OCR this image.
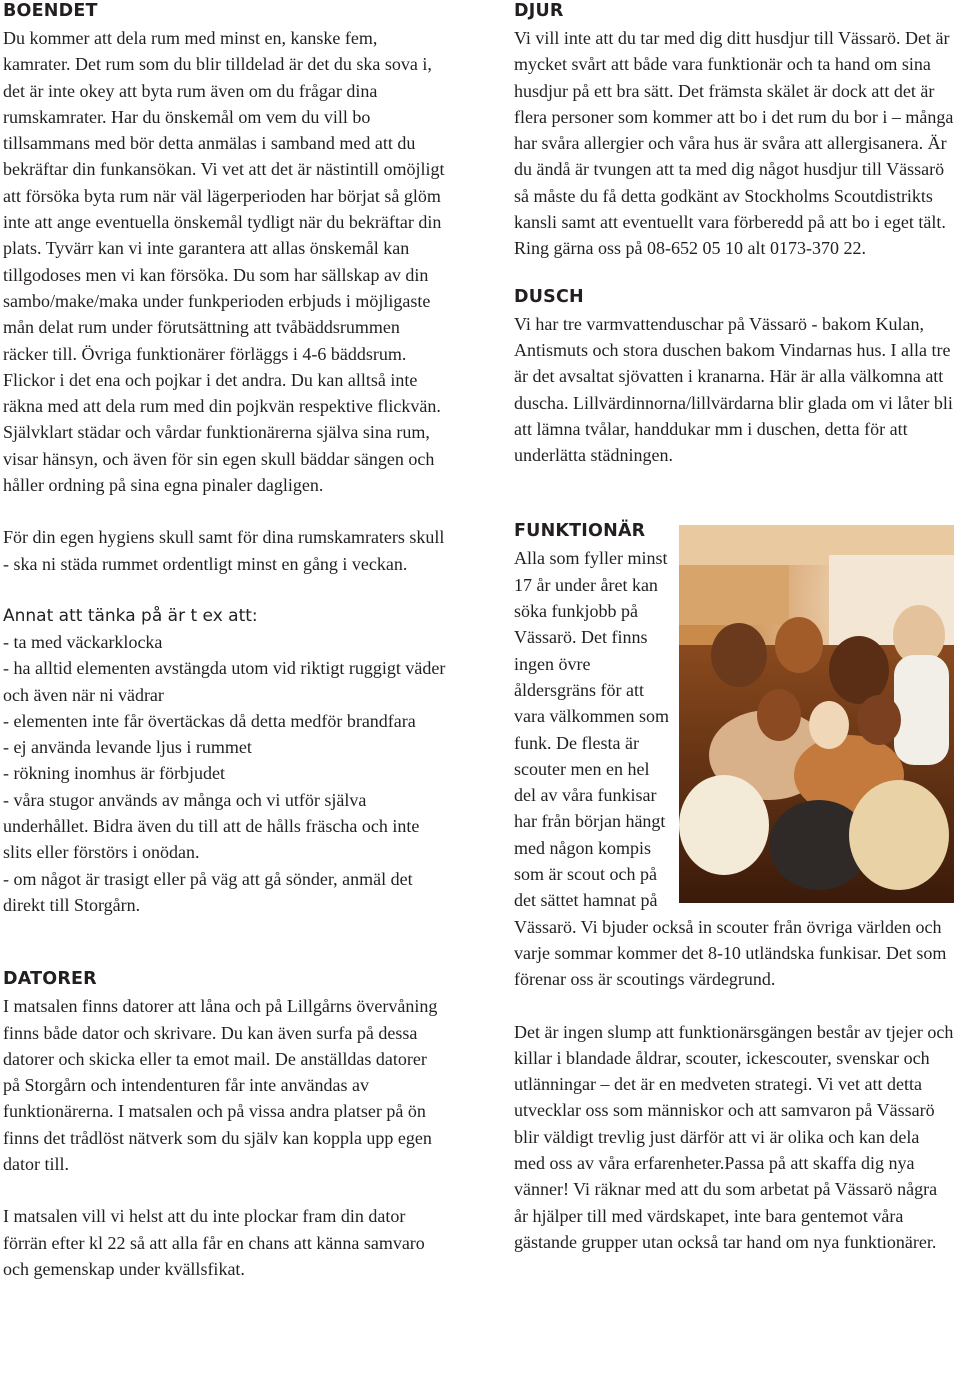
BOENDET

Du kommer att dela rum med minst en, kanske fem, kamrater. Det rum som du blir tilldelad är det du ska sova i, det är inte okey att byta rum även om du frågar dina rumskamrater. Har du önskemål om vem du vill bo tillsammans med bör detta anmälas i samband med att du bekräftar din funkansökan. Vi vet att det är nästintill omöjligt att försöka byta rum när väl lägerperioden har börjat så glöm inte att ange eventuella önskemål tydligt när du bekräftar din plats. Tyvärr kan vi inte garantera att allas önskemål kan tillgodoses men vi kan försöka. Du som har sällskap av din sambo/make/maka under funkperioden erbjuds i möjligaste mån delat rum under förutsättning att tvåbäddsrummen räcker till. Övriga funktionärer förläggs i 4-6 bäddsrum. Flickor i det ena och pojkar i det andra. Du kan alltså inte räkna med att dela rum med din pojkvän respektive flickvän.

Självklart städar och vårdar funktionärerna själva sina rum, visar hänsyn, och även för sin egen skull bäddar sängen och håller ordning på sina egna pinaler dagligen.

För din egen hygiens skull samt för dina rumskamraters skull - ska ni städa rummet ordentligt minst en gång i veckan.

Annat att tänka på är t ex att:
- ta med väckarklocka
- ha alltid elementen avstängda utom vid riktigt ruggigt väder och även när ni vädrar
- elementen inte får övertäckas då detta medför brandfara
- ej använda levande ljus i rummet
- rökning inomhus är förbjudet
- våra stugor används av många och vi utför själva underhållet. Bidra även du till att de hålls fräscha och inte slits eller förstörs i onödan.
- om något är trasigt eller på väg att gå sönder, anmäl det direkt till Storgårn.
DATORER

I matsalen finns datorer att låna och på Lillgårns övervåning finns både dator och skrivare. Du kan även surfa på dessa datorer och skicka eller ta emot mail. De anställdas datorer på Storgårn och intendenturen får inte användas av funktionärerna. I matsalen och på vissa andra platser på ön finns det trådlöst nätverk som du själv kan koppla upp egen dator till.

I matsalen vill vi helst att du inte plockar fram din dator förrän efter kl 22 så att alla får en chans att känna samvaro och gemenskap under kvällsfikat.

DJUR

Vi vill inte att du tar med dig ditt husdjur till Vässarö. Det är mycket svårt att både vara funktionär och ta hand om sina husdjur på ett bra sätt. Det främsta skälet är dock att det är flera personer som kommer att bo i det rum du bor i – många har svåra allergier och våra hus är svåra att allergisanera. Är du ändå är tvungen att ta med dig något husdjur till Vässarö så måste du få detta godkänt av Stockholms Scoutdistrikts kansli samt att eventuellt vara förberedd på att bo i eget tält. Ring gärna oss på 08-652 05 10 alt 0173-370 22.

DUSCH

Vi har tre varmvattenduschar på Vässarö - bakom Kulan, Antismuts och stora duschen bakom Vindarnas hus. I alla tre är det avsaltat sjövatten i kranarna. Här är alla välkomna att duscha. Lillvärdinnorna/lillvärdarna blir glada om vi låter bli att lämna tvålar, handdukar mm i duschen, detta för att underlätta städningen.

FUNKTIONÄR

Alla som fyller minst 17 år under året kan söka funkjobb på Vässarö. Det finns ingen övre åldersgräns för att vara välkommen som funk. De flesta är scouter men en hel del av våra funkisar har från början hängt med någon kompis som är scout och på det sättet hamnat på Vässarö. Vi bjuder också in scouter från övriga världen och varje sommar kommer det 8-10 utländska funkisar. Det som förenar oss är scoutings värdegrund.

Det är ingen slump att funktionärsgängen består av tjejer och killar i blandade åldrar, scouter, ickescouter, svenskar och utlänningar – det är en medveten strategi. Vi vet att detta utvecklar oss som människor och att samvaron på Vässarö blir väldigt trevlig just därför att vi är olika och kan dela med oss av våra erfarenheter.Passa på att skaffa dig nya vänner! Vi räknar med att du som arbetat på Vässarö några år hjälper till med värdskapet, inte bara gentemot våra gästande grupper utan också tar hand om nya funktionärer.
